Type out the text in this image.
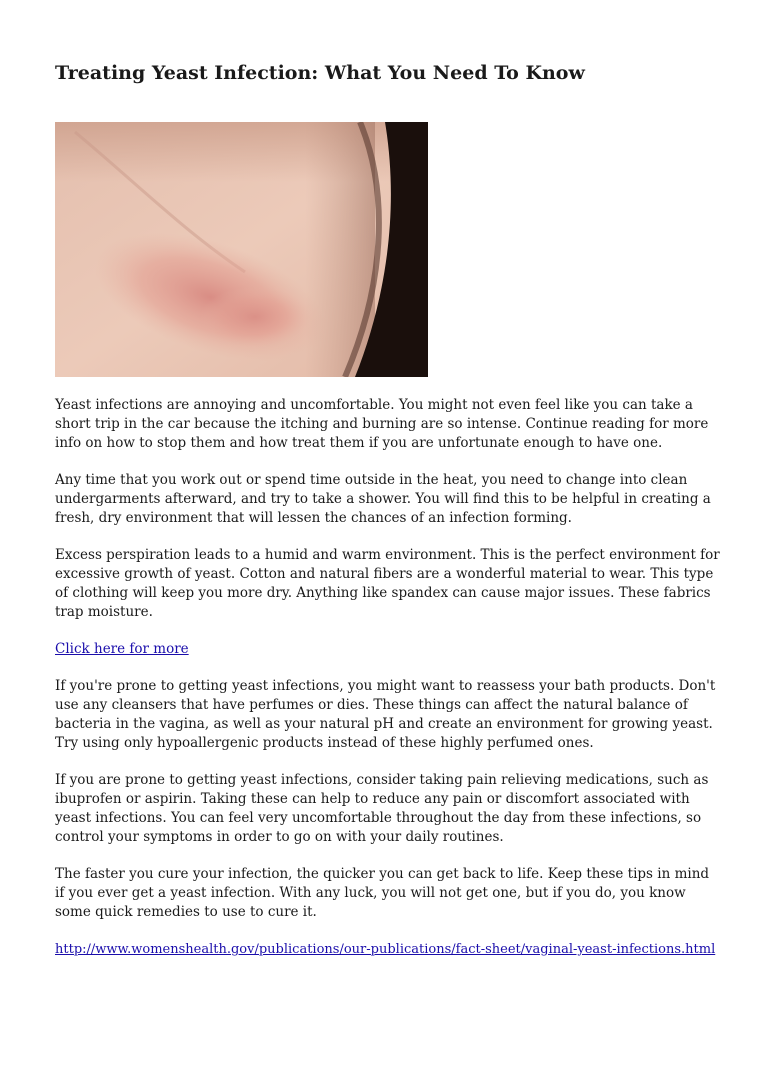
Treating Yeast Infection: What You Need To Know

Yeast infections are annoying and uncomfortable. You might not even feel like you can take a short trip in the car because the itching and burning are so intense. Continue reading for more info on how to stop them and how treat them if you are unfortunate enough to have one.

Any time that you work out or spend time outside in the heat, you need to change into clean undergarments afterward, and try to take a shower. You will find this to be helpful in creating a fresh, dry environment that will lessen the chances of an infection forming.

Excess perspiration leads to a humid and warm environment. This is the perfect environment for excessive growth of yeast. Cotton and natural fibers are a wonderful material to wear. This type of clothing will keep you more dry. Anything like spandex can cause major issues. These fabrics trap moisture.

Click here for more

If you're prone to getting yeast infections, you might want to reassess your bath products. Don't use any cleansers that have perfumes or dies. These things can affect the natural balance of bacteria in the vagina, as well as your natural pH and create an environment for growing yeast. Try using only hypoallergenic products instead of these highly perfumed ones.

If you are prone to getting yeast infections, consider taking pain relieving medications, such as ibuprofen or aspirin. Taking these can help to reduce any pain or discomfort associated with yeast infections. You can feel very uncomfortable throughout the day from these infections, so control your symptoms in order to go on with your daily routines.

The faster you cure your infection, the quicker you can get back to life. Keep these tips in mind if you ever get a yeast infection. With any luck, you will not get one, but if you do, you know some quick remedies to use to cure it.

http://www.womenshealth.gov/publications/our-publications/fact-sheet/vaginal-yeast-infections.html
